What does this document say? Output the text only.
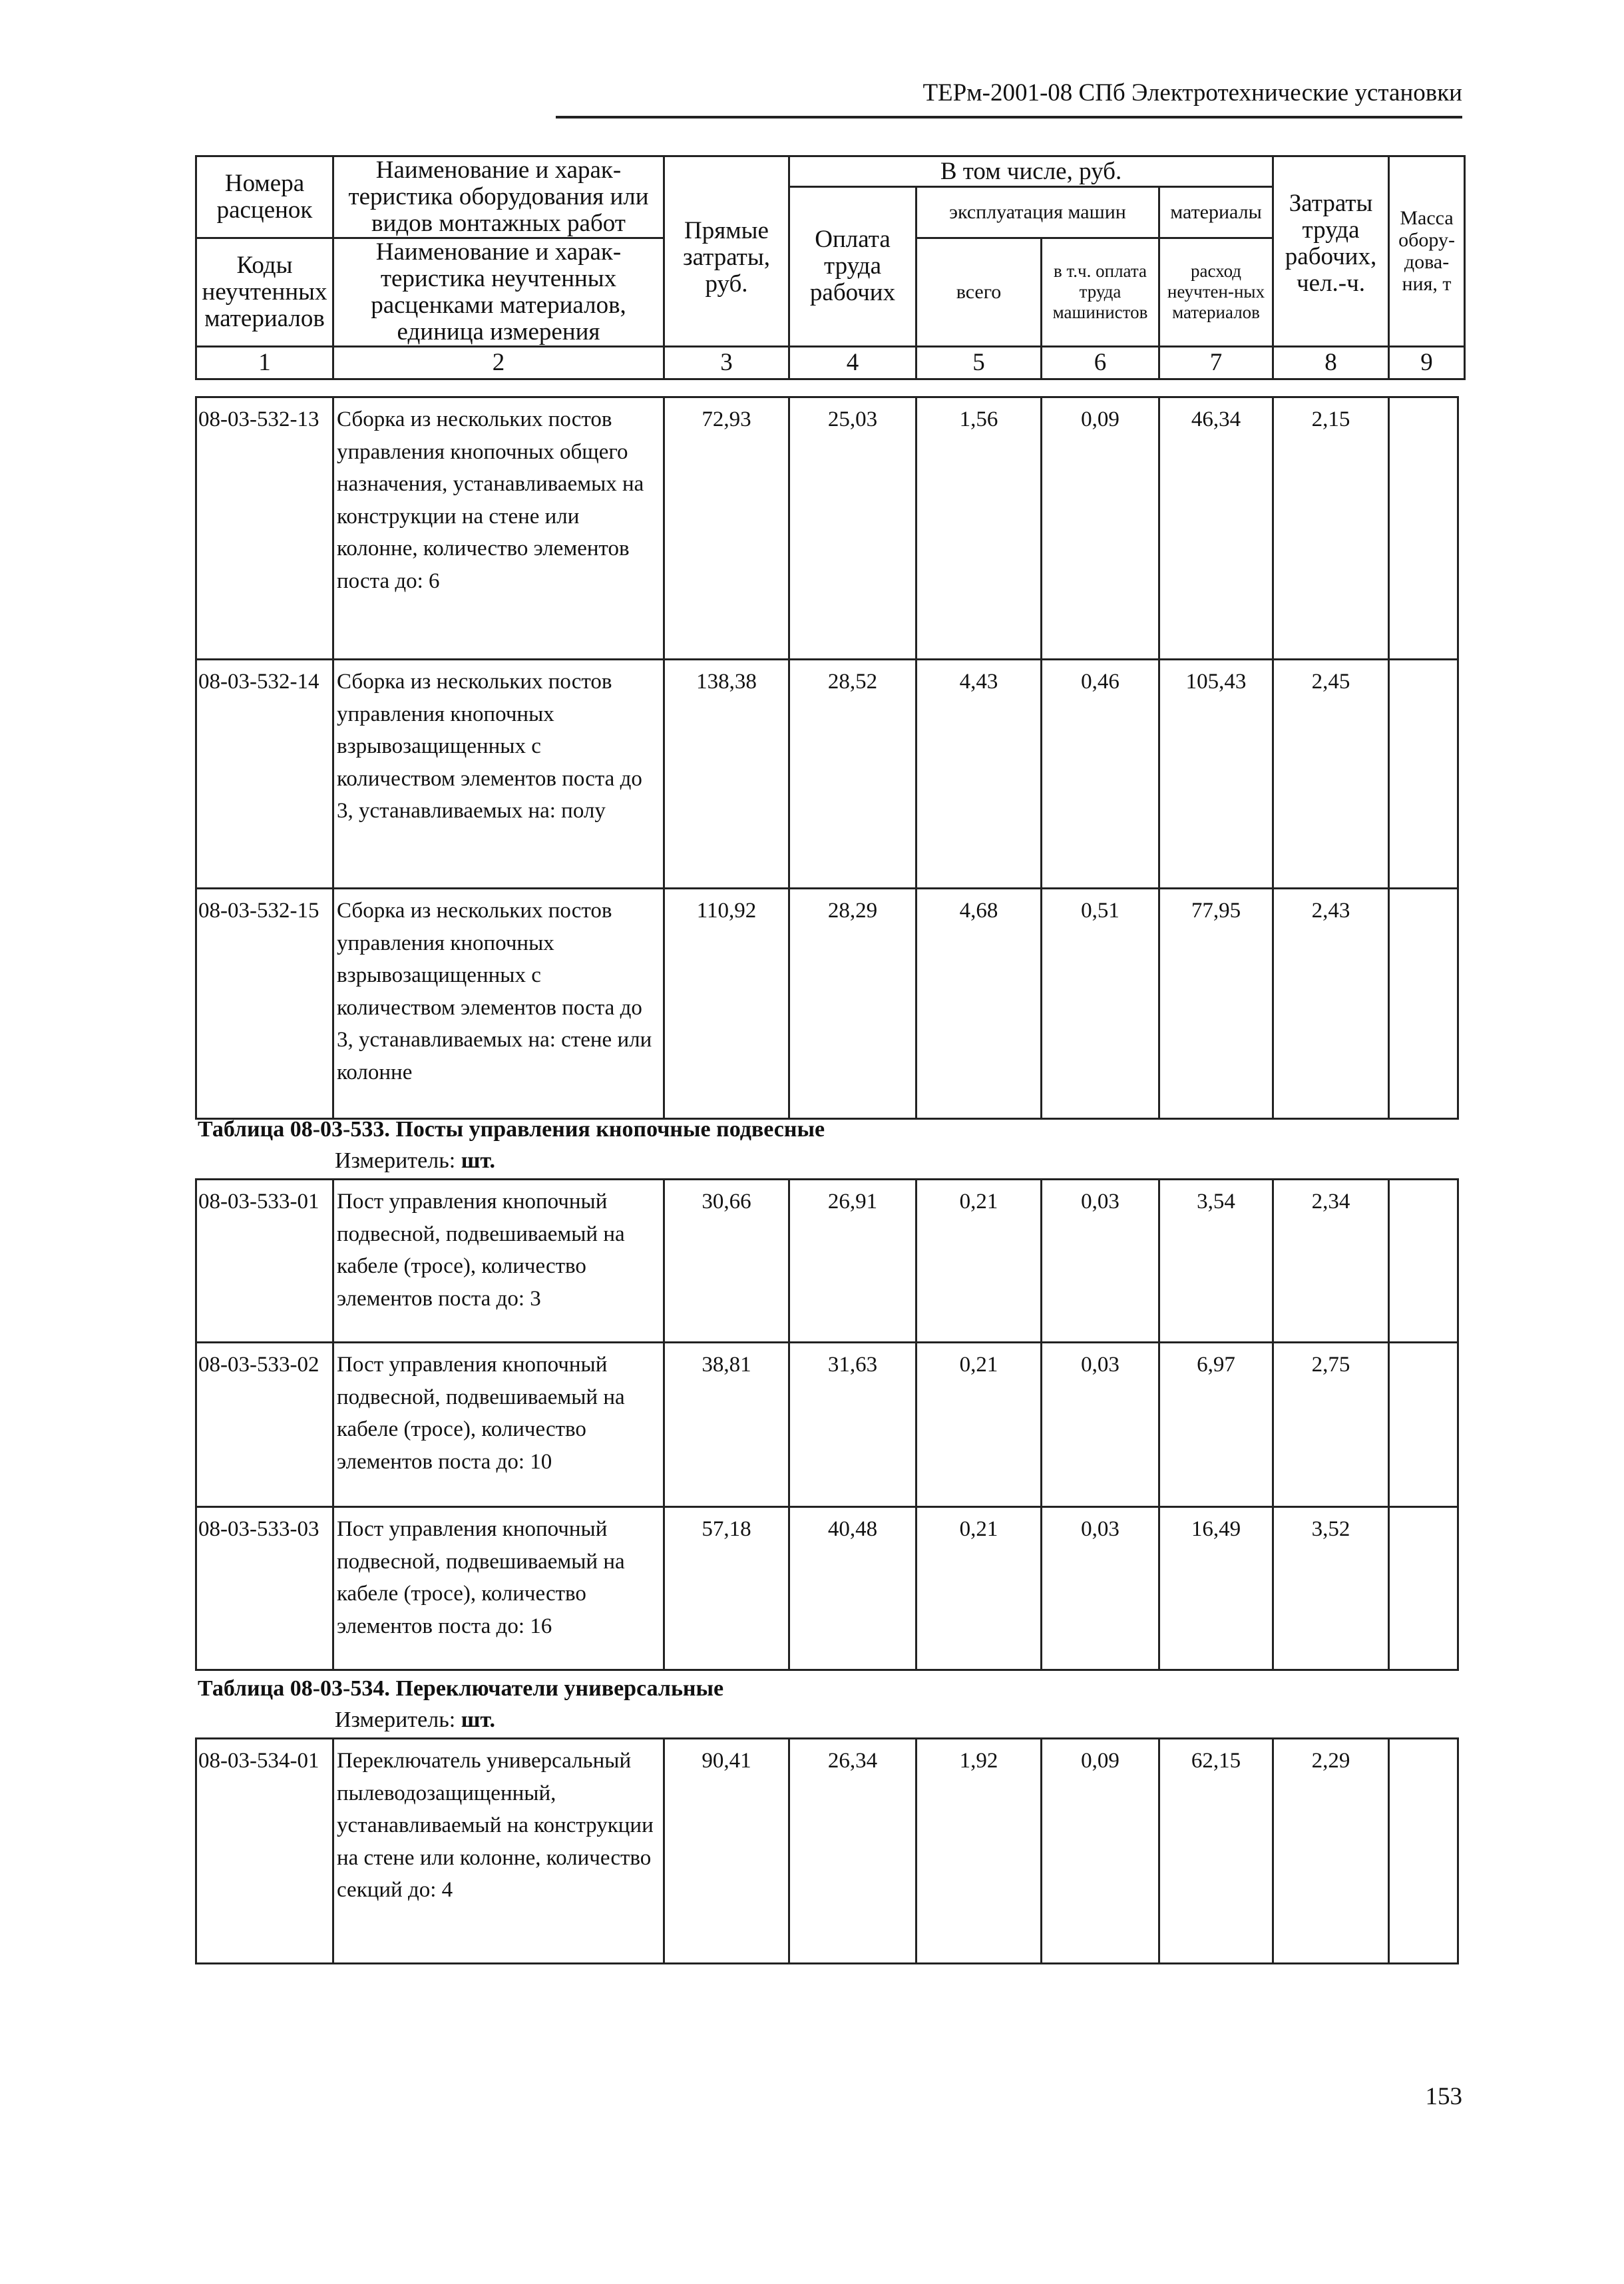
ТЕРм-2001-08 СПб Электротехнические установки
Номера расценок	Наименование и харак-теристика оборудования или видов монтажных работ	Прямые затраты, руб.	В том числе, руб.				Затраты труда рабочих, чел.-ч.	Масса обору-дова-ния, т
			Оплата труда рабочих	эксплуатация машин		материалы		
Коды неучтенных материалов	Наименование и харак-теристика неучтенных расценками материалов, единица измерения			всего	в т.ч. оплата труда машинистов	расход неучтен-ных материалов		

1	2	3	4	5	6	7	8	9
08-03-532-13	Сборка из нескольких постов управления кнопочных общего назначения, устанавливаемых на конструкции на стене или колонне, количество элементов поста до: 6	72,93	25,03	1,56	0,09	46,34	2,15	
08-03-532-14	Сборка из нескольких постов управления кнопочных взрывозащищенных с количеством элементов поста до 3, устанавливаемых на: полу	138,38	28,52	4,43	0,46	105,43	2,45	
08-03-532-15	Сборка из нескольких постов управления кнопочных взрывозащищенных с количеством элементов поста до 3, устанавливаемых на: стене или колонне	110,92	28,29	4,68	0,51	77,95	2,43	
Таблица 08-03-533. Посты управления кнопочные подвесные
Измеритель: шт.
08-03-533-01	Пост управления кнопочный подвесной, подвешиваемый на кабеле (тросе), количество элементов поста до: 3	30,66	26,91	0,21	0,03	3,54	2,34	
08-03-533-02	Пост управления кнопочный подвесной, подвешиваемый на кабеле (тросе), количество элементов поста до: 10	38,81	31,63	0,21	0,03	6,97	2,75	
08-03-533-03	Пост управления кнопочный подвесной, подвешиваемый на кабеле (тросе), количество элементов поста до: 16	57,18	40,48	0,21	0,03	16,49	3,52	
Таблица 08-03-534. Переключатели универсальные
Измеритель: шт.
08-03-534-01	Переключатель универсальный пылеводозащищенный, устанавливаемый на конструкции на стене или колонне, количество секций до: 4	90,41	26,34	1,92	0,09	62,15	2,29	
153
